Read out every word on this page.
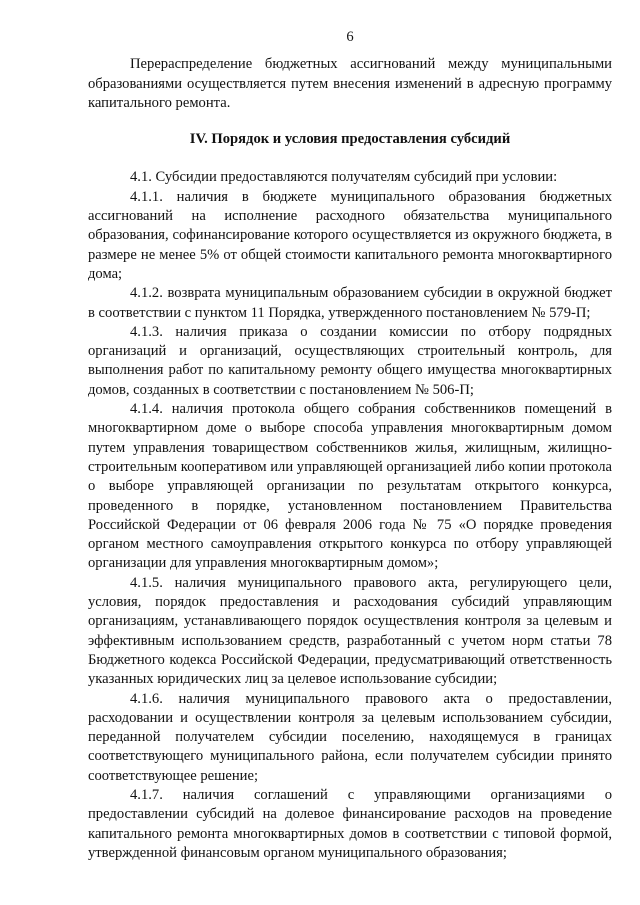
6

Перераспределение бюджетных ассигнований между муниципальными образованиями осуществляется путем внесения изменений в адресную программу капитального ремонта.

IV. Порядок и условия предоставления субсидий

4.1. Субсидии предоставляются получателям субсидий при условии:

4.1.1. наличия в бюджете муниципального образования бюджетных ассигнований на исполнение расходного обязательства муниципального образования, софинансирование которого осуществляется из окружного бюджета, в размере не менее 5% от общей стоимости капитального ремонта многоквартирного дома;

4.1.2. возврата муниципальным образованием субсидии в окружной бюджет в соответствии с пунктом 11 Порядка, утвержденного постановлением № 579-П;

4.1.3. наличия приказа о создании комиссии по отбору подрядных организаций и организаций, осуществляющих строительный контроль, для выполнения работ по капитальному ремонту общего имущества многоквартирных домов, созданных в соответствии с постановлением № 506-П;

4.1.4. наличия протокола общего собрания собственников помещений в многоквартирном доме о выборе способа управления многоквартирным домом путем управления товариществом собственников жилья, жилищным, жилищно-строительным кооперативом или управляющей организацией либо копии протокола о выборе управляющей организации по результатам открытого конкурса, проведенного в порядке, установленном постановлением Правительства Российской Федерации от 06 февраля 2006 года № 75 «О порядке проведения органом местного самоуправления открытого конкурса по отбору управляющей организации для управления многоквартирным домом»;

4.1.5. наличия муниципального правового акта, регулирующего цели, условия, порядок предоставления и расходования субсидий управляющим организациям, устанавливающего порядок осуществления контроля за целевым и эффективным использованием средств, разработанный с учетом норм статьи 78 Бюджетного кодекса Российской Федерации, предусматривающий ответственность указанных юридических лиц за целевое использование субсидии;

4.1.6. наличия муниципального правового акта о предоставлении, расходовании и осуществлении контроля за целевым использованием субсидии, переданной получателем субсидии поселению, находящемуся в границах соответствующего муниципального района, если получателем субсидии принято соответствующее решение;

4.1.7. наличия соглашений с управляющими организациями о предоставлении субсидий на долевое финансирование расходов на проведение капитального ремонта многоквартирных домов в соответствии с типовой формой, утвержденной финансовым органом муниципального образования;
